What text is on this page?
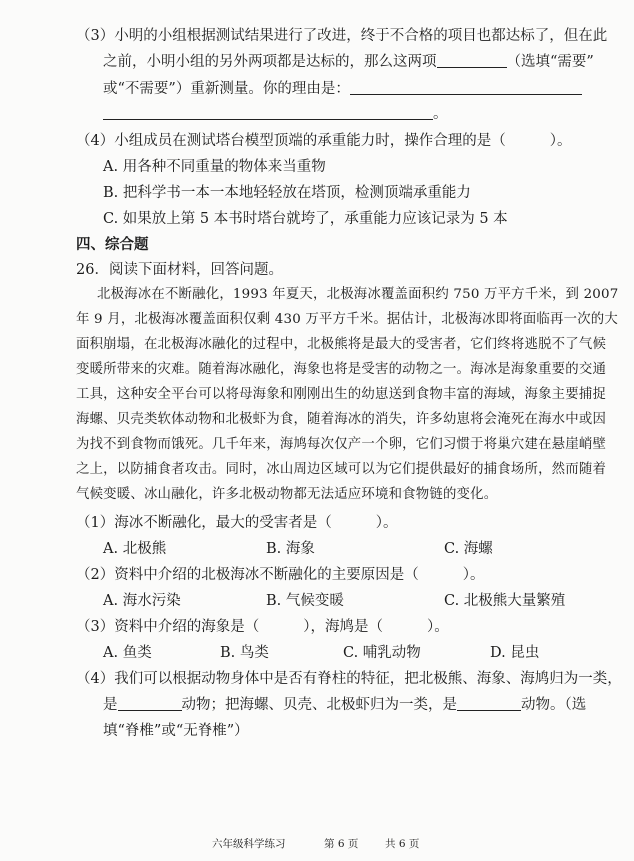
（3）小明的小组根据测试结果进行了改进，终于不合格的项目也都达标了，但在此
之前，小明小组的另外两项都是达标的，那么这两项	（选填“需要”
或“不需要”）重新测量。你的理由是：
。
（4）小组成员在测试塔台模型顶端的承重能力时，操作合理的是（	）。
A. 用各种不同重量的物体来当重物
B. 把科学书一本一本地轻轻放在塔顶，检测顶端承重能力
C. 如果放上第 5 本书时塔台就垮了，承重能力应该记录为 5 本
四、综合题
26．阅读下面材料，回答问题。
北极海冰在不断融化，1993 年夏天，北极海冰覆盖面积约 750 万平方千米，到 2007
年 9 月，北极海冰覆盖面积仅剩 430 万平方千米。据估计，北极海冰即将面临再一次的大
面积崩塌，在北极海冰融化的过程中，北极熊将是最大的受害者，它们终将逃脱不了气候
变暖所带来的灾难。随着海冰融化，海象也将是受害的动物之一。海冰是海象重要的交通
工具，这种安全平台可以将母海象和刚刚出生的幼崽送到食物丰富的海域，海象主要捕捉
海螺、贝壳类软体动物和北极虾为食，随着海冰的消失，许多幼崽将会淹死在海水中或因
为找不到食物而饿死。几千年来，海鸠每次仅产一个卵，它们习惯于将巢穴建在悬崖峭壁
之上，以防捕食者攻击。同时，冰山周边区域可以为它们提供最好的捕食场所，然而随着
气候变暖、冰山融化，许多北极动物都无法适应环境和食物链的变化。
（1）海冰不断融化，最大的受害者是（	）。
A. 北极熊	B. 海象	C. 海螺
（2）资料中介绍的北极海冰不断融化的主要原因是（	）。
A. 海水污染	B. 气候变暖	C. 北极熊大量繁殖
（3）资料中介绍的海象是（	），海鸠是（	）。
A. 鱼类	B. 鸟类	C. 哺乳动物	D. 昆虫
（4）我们可以根据动物身体中是否有脊柱的特征，把北极熊、海象、海鸠归为一类，
是	动物；把海螺、贝壳、北极虾归为一类，是	动物。（选
填“脊椎”或“无脊椎”）
六年级科学练习	第 6 页	共 6 页
